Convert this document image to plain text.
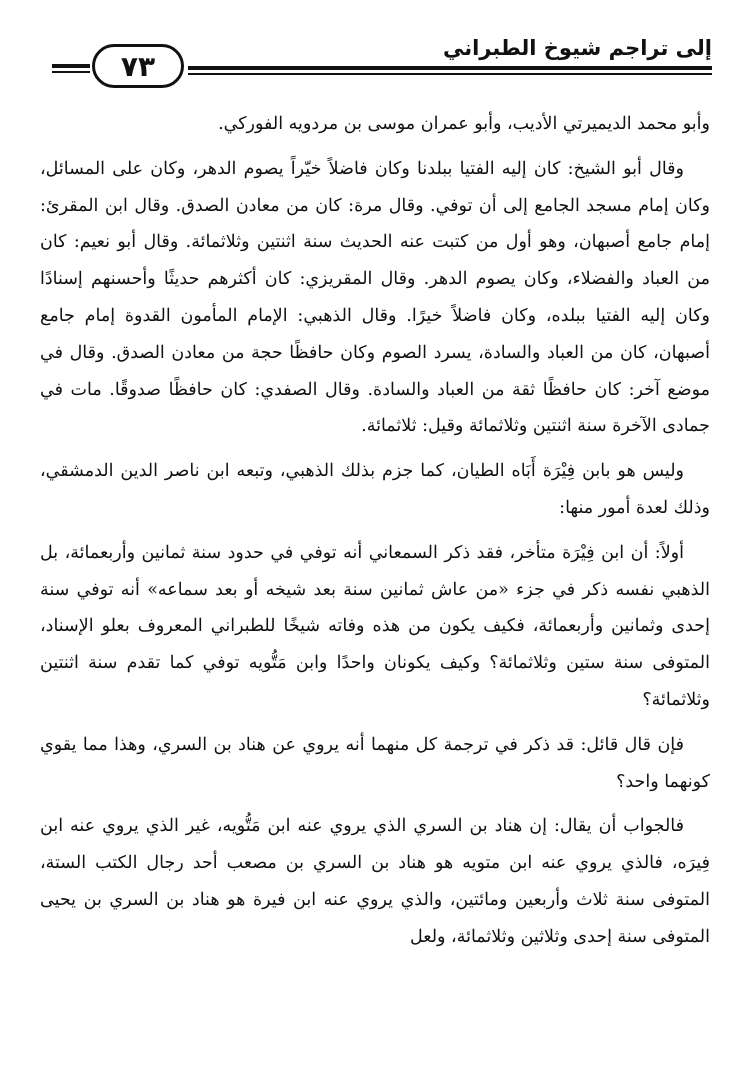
إلى تراجم شيوخ الطبراني
٧٣

وأبو محمد الديميرتي الأديب، وأبو عمران موسى بن مردويه الفوركي.

وقال أبو الشيخ: كان إليه الفتيا ببلدنا وكان فاضلاً خيّراً يصوم الدهر، وكان على المسائل، وكان إمام مسجد الجامع إلى أن توفي. وقال مرة: كان من معادن الصدق. وقال ابن المقرئ: إمام جامع أصبهان، وهو أول من كتبت عنه الحديث سنة اثنتين وثلاثمائة. وقال أبو نعيم: كان من العباد والفضلاء، وكان يصوم الدهر. وقال المقريزي: كان أكثرهم حديثًا وأحسنهم إسنادًا وكان إليه الفتيا ببلده، وكان فاضلاً خيرًا. وقال الذهبي: الإمام المأمون القدوة إمام جامع أصبهان، كان من العباد والسادة، يسرد الصوم وكان حافظًا حجة من معادن الصدق. وقال في موضع آخر: كان حافظًا ثقة من العباد والسادة. وقال الصفدي: كان حافظًا صدوقًا. مات في جمادى الآخرة سنة اثنتين وثلاثمائة وقيل: ثلاثمائة.

وليس هو بابن فِيْرَة أَبَاه الطيان، كما جزم بذلك الذهبي، وتبعه ابن ناصر الدين الدمشقي، وذلك لعدة أمور منها:

أولاً: أن ابن فِيْرَة متأخر، فقد ذكر السمعاني أنه توفي في حدود سنة ثمانين وأربعمائة، بل الذهبي نفسه ذكر في جزء «من عاش ثمانين سنة بعد شيخه أو بعد سماعه» أنه توفي سنة إحدى وثمانين وأربعمائة، فكيف يكون من هذه وفاته شيخًا للطبراني المعروف بعلو الإسناد، المتوفى سنة ستين وثلاثمائة؟ وكيف يكونان واحدًا وابن مَتُّويه توفي كما تقدم سنة اثنتين وثلاثمائة؟

فإن قال قائل: قد ذكر في ترجمة كل منهما أنه يروي عن هناد بن السري، وهذا مما يقوي كونهما واحد؟

فالجواب أن يقال: إن هناد بن السري الذي يروي عنه ابن مَتُّويه، غير الذي يروي عنه ابن فِيرَه، فالذي يروي عنه ابن متويه هو هناد بن السري بن مصعب أحد رجال الكتب الستة، المتوفى سنة ثلاث وأربعين ومائتين، والذي يروي عنه ابن فيرة هو هناد بن السري بن يحيى المتوفى سنة إحدى وثلاثين وثلاثمائة، ولعل
